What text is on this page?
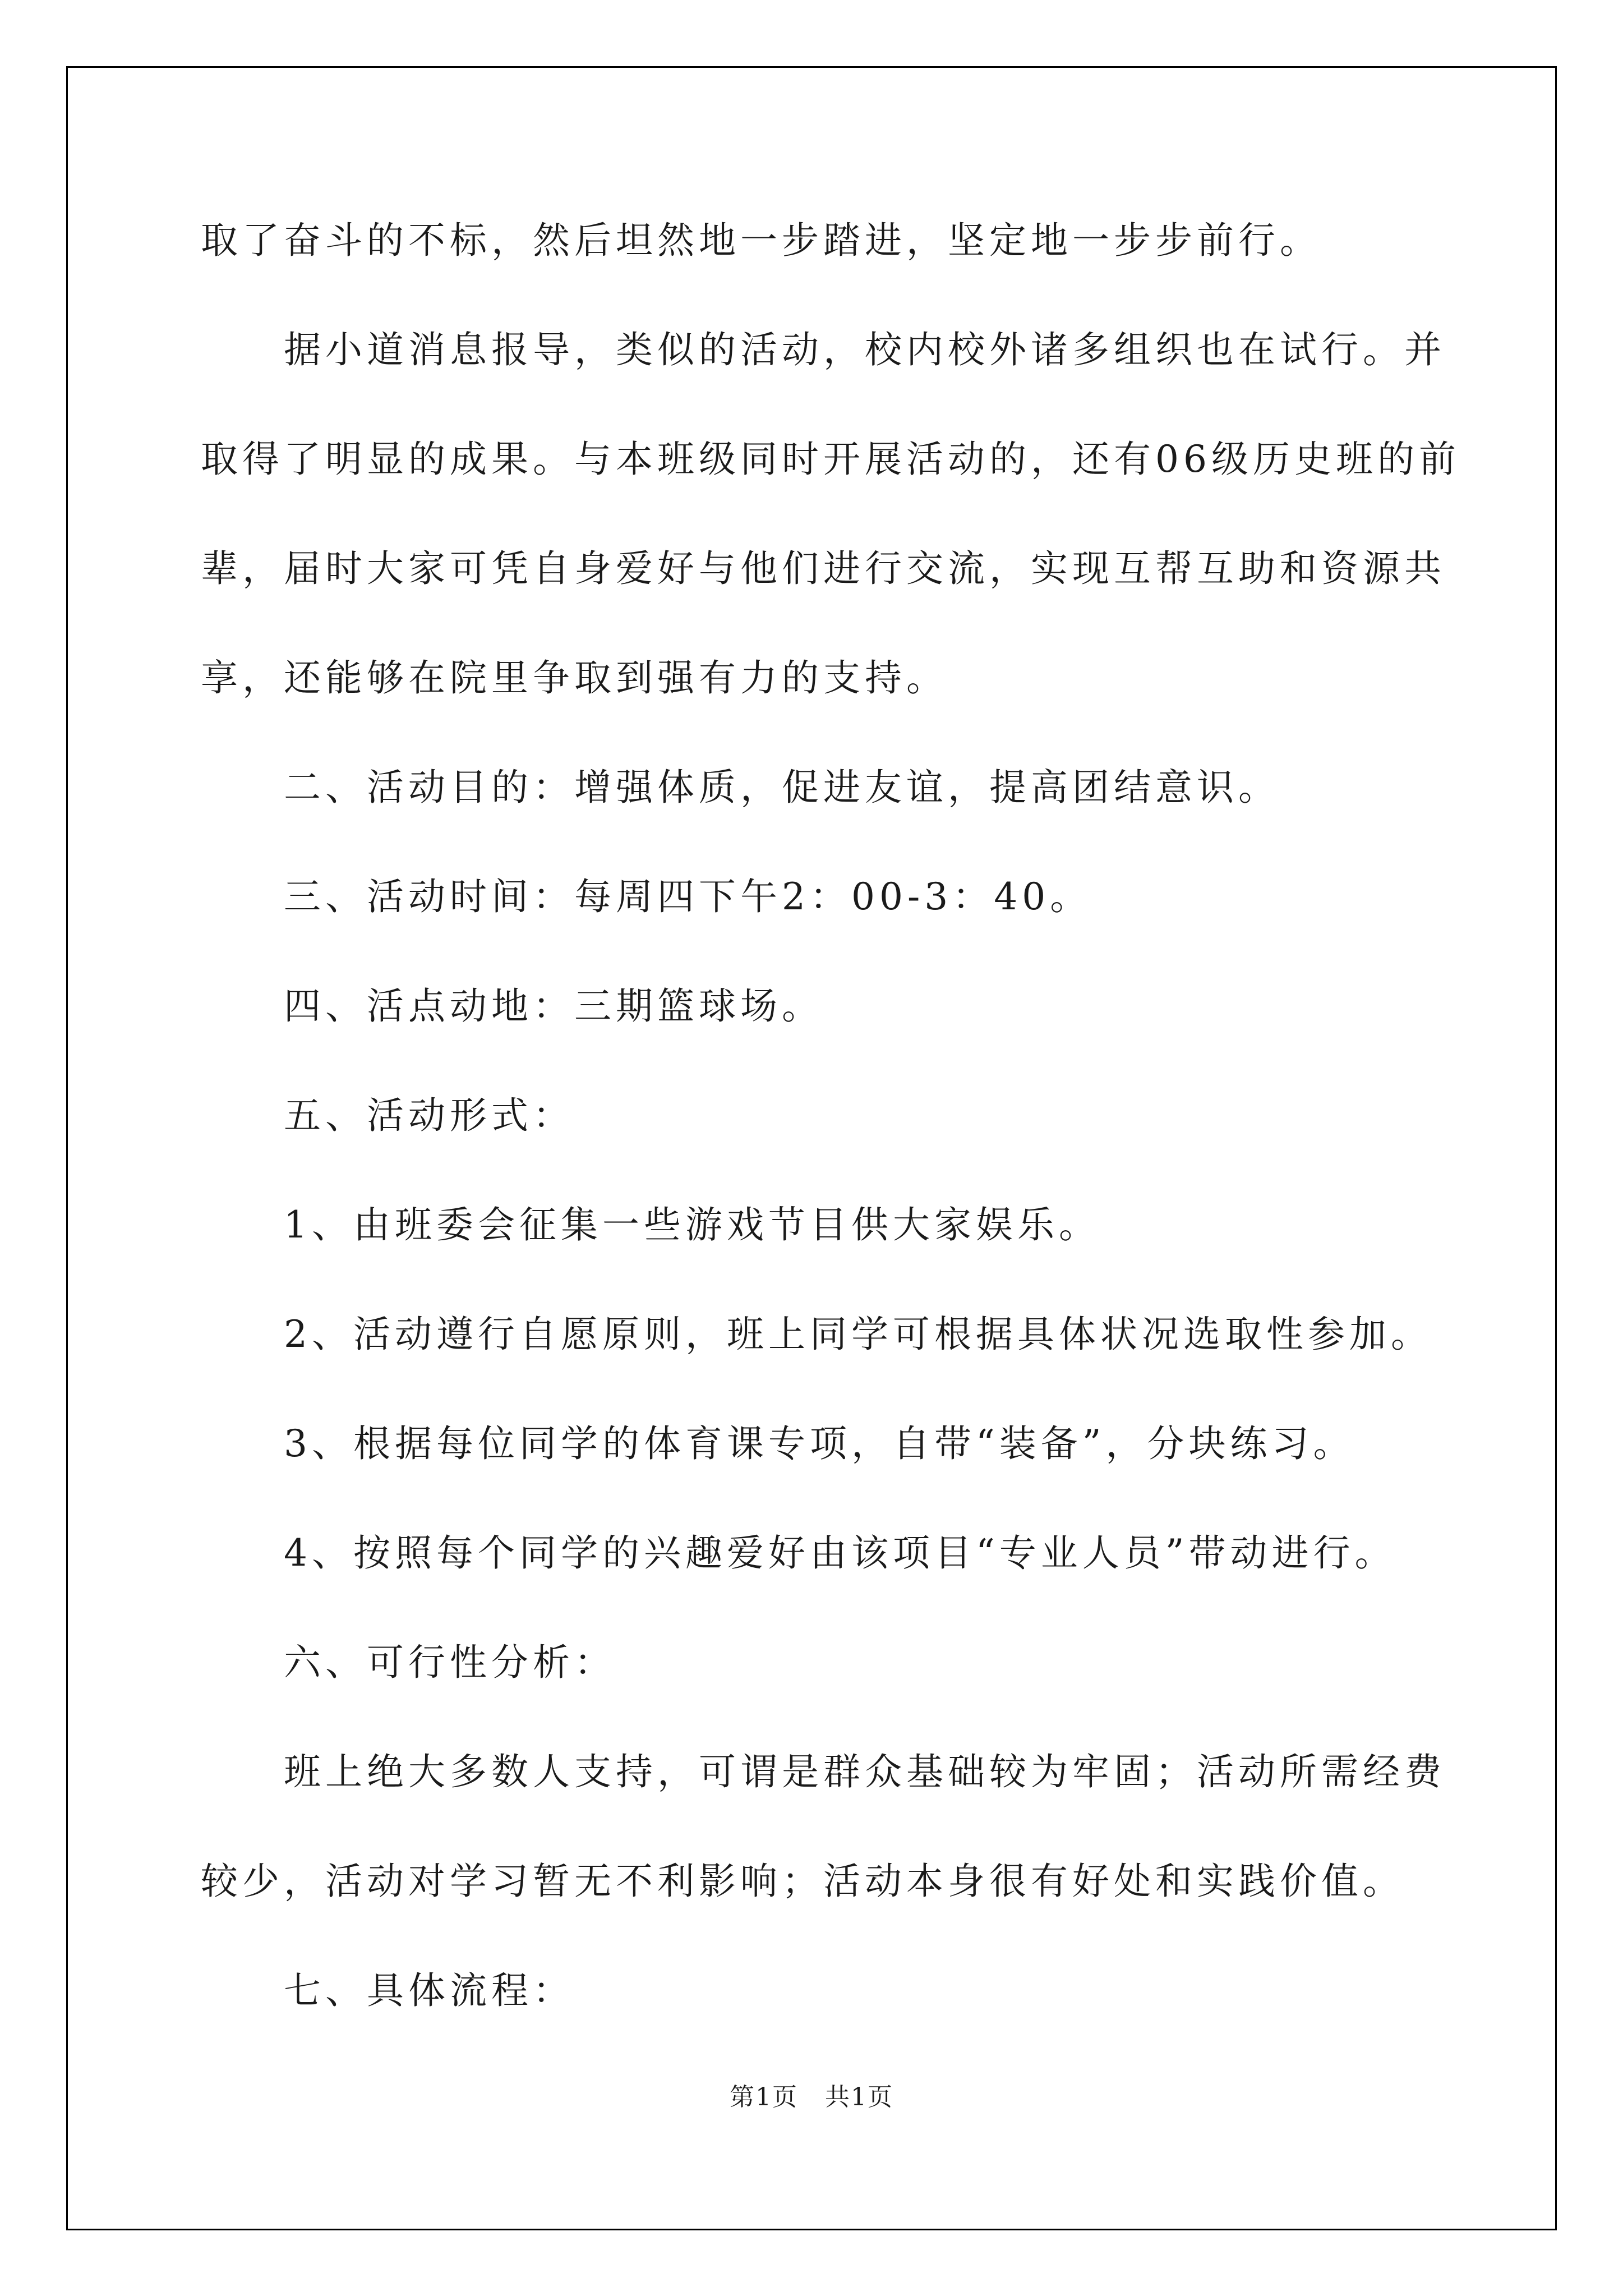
取了奋斗的不标，然后坦然地一步踏进，坚定地一步步前行。
据小道消息报导，类似的活动，校内校外诸多组织也在试行。并
取得了明显的成果。与本班级同时开展活动的，还有06级历史班的前
辈，届时大家可凭自身爱好与他们进行交流，实现互帮互助和资源共
享，还能够在院里争取到强有力的支持。
二、活动目的：增强体质，促进友谊，提高团结意识。
三、活动时间：每周四下午2：00-3：40。
四、活点动地：三期篮球场。
五、活动形式：
1、由班委会征集一些游戏节目供大家娱乐。
2、活动遵行自愿原则，班上同学可根据具体状况选取性参加。
3、根据每位同学的体育课专项，自带“装备”，分块练习。
4、按照每个同学的兴趣爱好由该项目“专业人员”带动进行。
六、可行性分析：
班上绝大多数人支持，可谓是群众基础较为牢固；活动所需经费
较少，活动对学习暂无不利影响；活动本身很有好处和实践价值。
七、具体流程：
第1页   共1页
